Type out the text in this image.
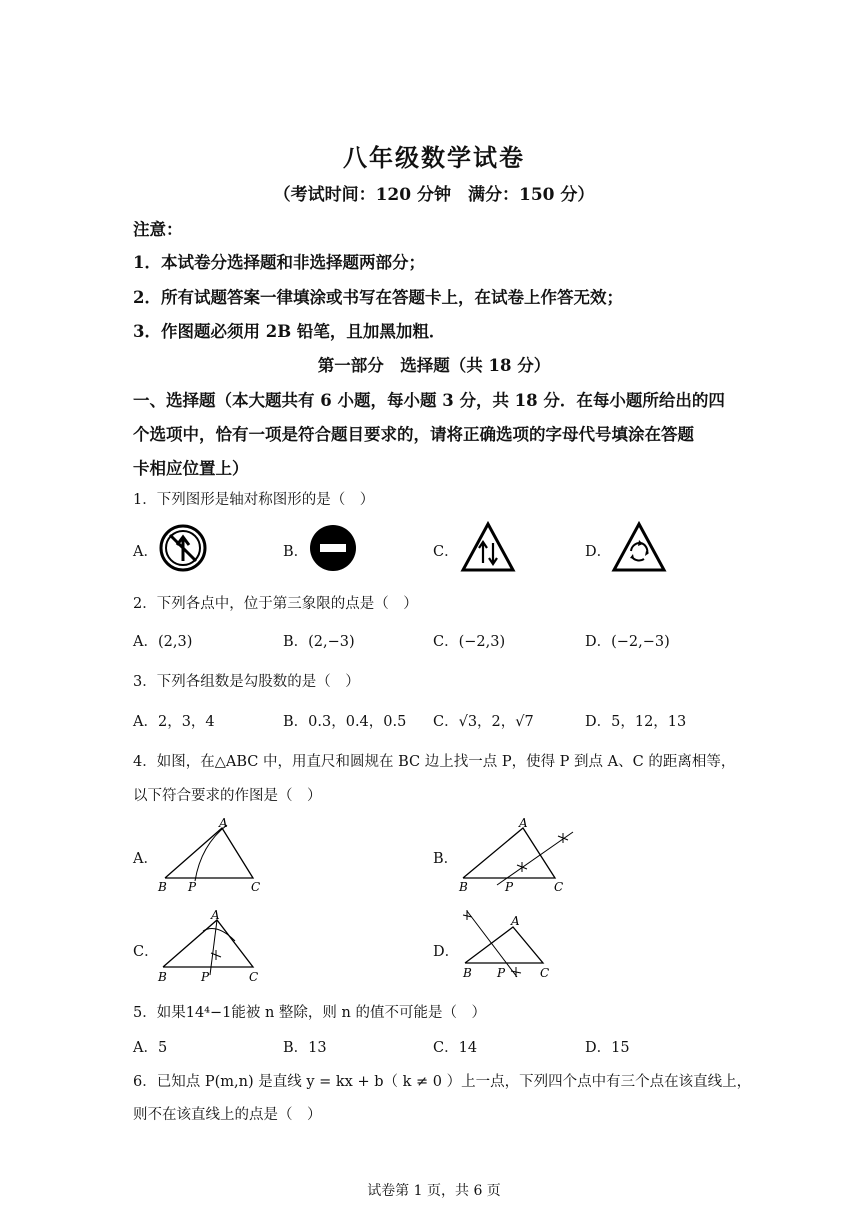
八年级数学试卷
（考试时间：120 分钟　满分：150 分）
注意：
1．本试卷分选择题和非选择题两部分；
2．所有试题答案一律填涂或书写在答题卡上，在试卷上作答无效；
3．作图题必须用 2B 铅笔，且加黑加粗．
第一部分　选择题（共 18 分）
一、选择题（本大题共有 6 小题，每小题 3 分，共 18 分．在每小题所给出的四
个选项中，恰有一项是符合题目要求的，请将正确选项的字母代号填涂在答题
卡相应位置上）
1．下列图形是轴对称图形的是（　）
A．	B．	C．	D．
2．下列各点中，位于第三象限的点是（　）
A．(2,3)	B．(2,−3)	C．(−2,3)	D．(−2,−3)
3．下列各组数是勾股数的是（　）
A．2，3，4	B．0.3，0.4，0.5 C．√3，2，√7	D．5，12，13
4．如图，在△ABC 中，用直尺和圆规在 BC 边上找一点 P，使得 P 到点 A、C 的距离相等，
以下符合要求的作图是（　）
A．
A
B P	C
B．
A
B	P	C
C．
A
B	P	C
D．
A
B P	C
5．如果14⁴−1能被 n 整除，则 n 的值不可能是（　）
A．5	B．13	C．14	D．15
6．已知点 P(m,n) 是直线 y = kx + b（ k ≠ 0 ）上一点，下列四个点中有三个点在该直线上，
则不在该直线上的点是（　）
试卷第 1 页，共 6 页
